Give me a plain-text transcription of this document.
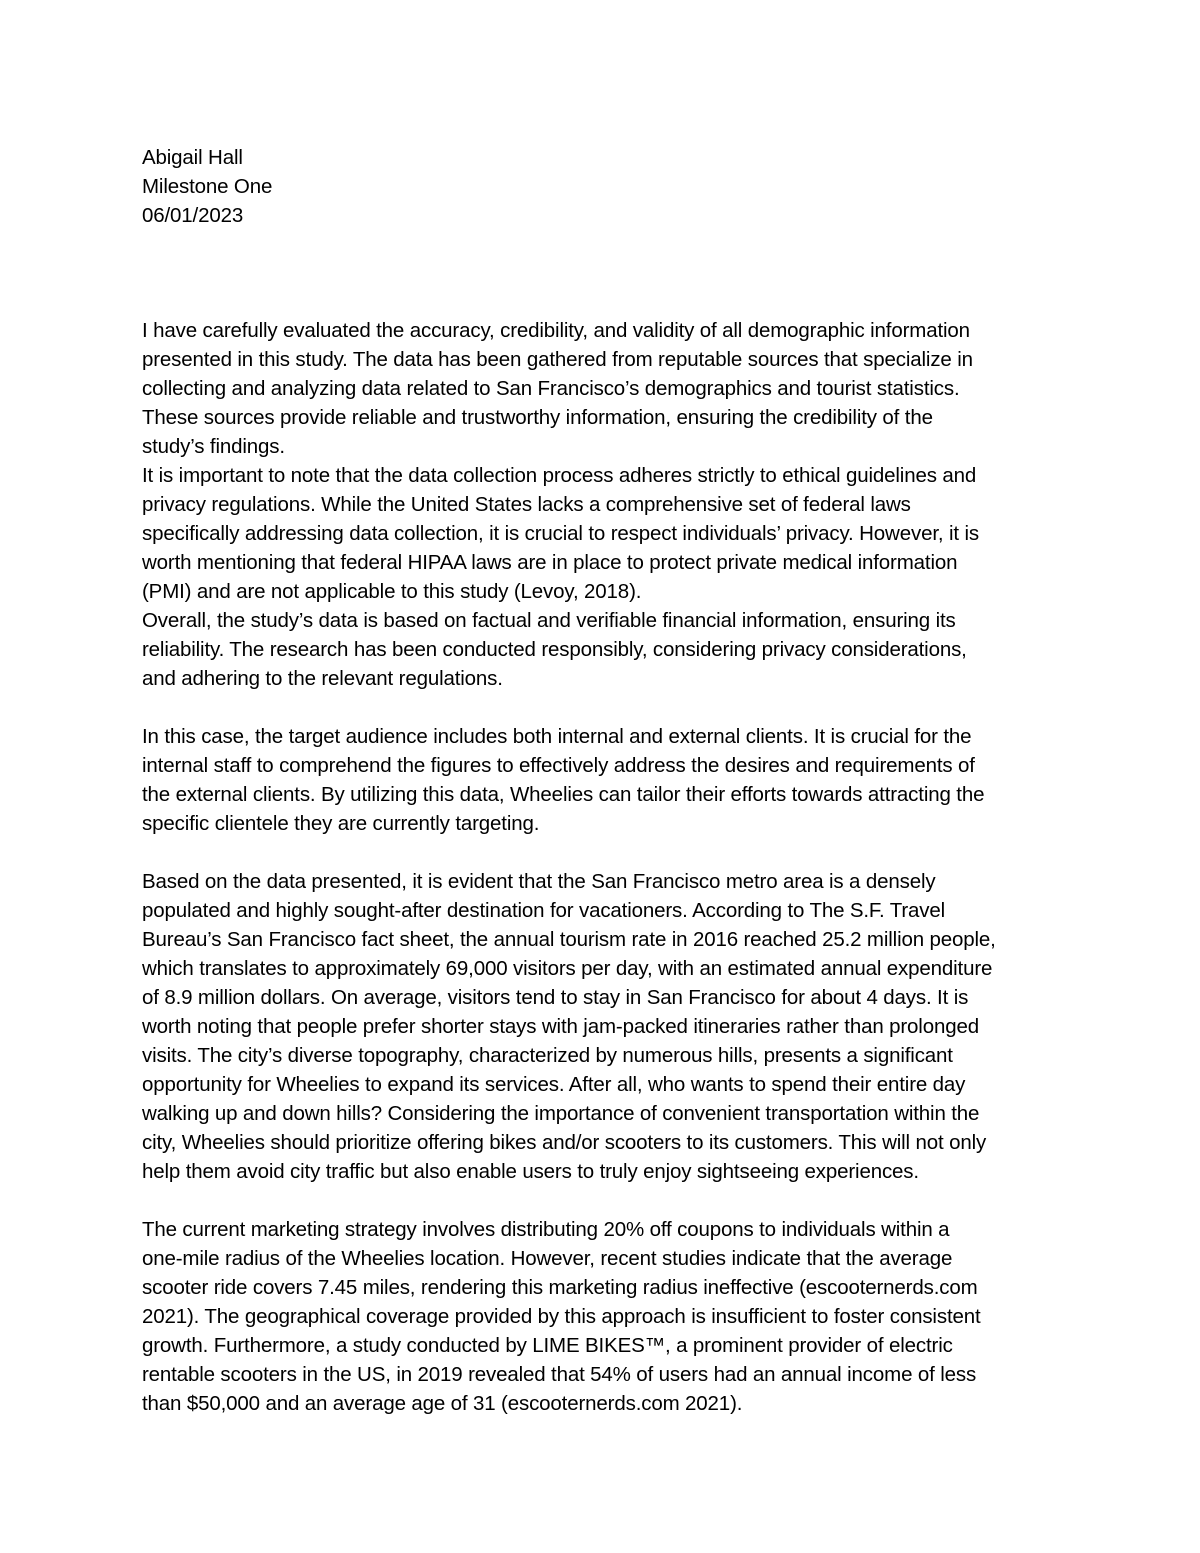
Abigail Hall
Milestone One
06/01/2023
I have carefully evaluated the accuracy, credibility, and validity of all demographic information
presented in this study. The data has been gathered from reputable sources that specialize in
collecting and analyzing data related to San Francisco’s demographics and tourist statistics.
These sources provide reliable and trustworthy information, ensuring the credibility of the
study’s findings.
It is important to note that the data collection process adheres strictly to ethical guidelines and
privacy regulations. While the United States lacks a comprehensive set of federal laws
specifically addressing data collection, it is crucial to respect individuals’ privacy. However, it is
worth mentioning that federal HIPAA laws are in place to protect private medical information
(PMI) and are not applicable to this study (Levoy, 2018).
Overall, the study’s data is based on factual and verifiable financial information, ensuring its
reliability. The research has been conducted responsibly, considering privacy considerations,
and adhering to the relevant regulations.
In this case, the target audience includes both internal and external clients. It is crucial for the
internal staff to comprehend the figures to effectively address the desires and requirements of
the external clients. By utilizing this data, Wheelies can tailor their efforts towards attracting the
specific clientele they are currently targeting.
Based on the data presented, it is evident that the San Francisco metro area is a densely
populated and highly sought-after destination for vacationers. According to The S.F. Travel
Bureau’s San Francisco fact sheet, the annual tourism rate in 2016 reached 25.2 million people,
which translates to approximately 69,000 visitors per day, with an estimated annual expenditure
of 8.9 million dollars. On average, visitors tend to stay in San Francisco for about 4 days. It is
worth noting that people prefer shorter stays with jam-packed itineraries rather than prolonged
visits. The city’s diverse topography, characterized by numerous hills, presents a significant
opportunity for Wheelies to expand its services. After all, who wants to spend their entire day
walking up and down hills? Considering the importance of convenient transportation within the
city, Wheelies should prioritize offering bikes and/or scooters to its customers. This will not only
help them avoid city traffic but also enable users to truly enjoy sightseeing experiences.
The current marketing strategy involves distributing 20% off coupons to individuals within a
one-mile radius of the Wheelies location. However, recent studies indicate that the average
scooter ride covers 7.45 miles, rendering this marketing radius ineffective (escooternerds.com
2021). The geographical coverage provided by this approach is insufficient to foster consistent
growth. Furthermore, a study conducted by LIME BIKES™, a prominent provider of electric
rentable scooters in the US, in 2019 revealed that 54% of users had an annual income of less
than $50,000 and an average age of 31 (escooternerds.com 2021).
